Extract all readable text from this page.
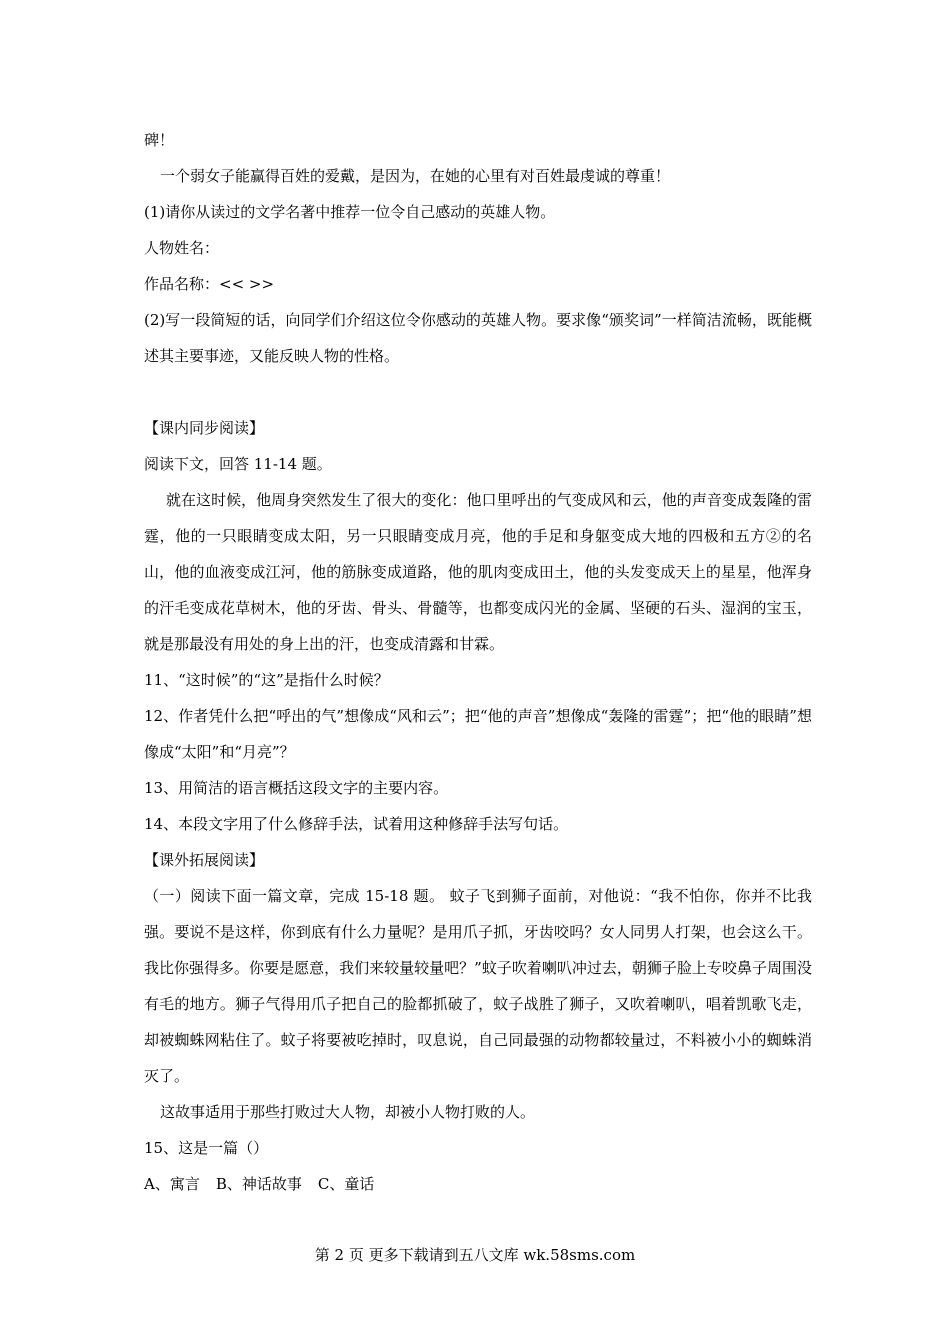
碑！

一个弱女子能赢得百姓的爱戴，是因为，在她的心里有对百姓最虔诚的尊重！

(1)请你从读过的文学名著中推荐一位令自己感动的英雄人物。

人物姓名：

作品名称：<< >>

(2)写一段简短的话，向同学们介绍这位令你感动的英雄人物。要求像“颁奖词”一样简洁流畅，既能概述其主要事迹，又能反映人物的性格。

【课内同步阅读】

阅读下文，回答 11-14 题。

就在这时候，他周身突然发生了很大的变化：他口里呼出的气变成风和云，他的声音变成轰隆的雷霆，他的一只眼睛变成太阳，另一只眼睛变成月亮，他的手足和身躯变成大地的四极和五方②的名山，他的血液变成江河，他的筋脉变成道路，他的肌肉变成田土，他的头发变成天上的星星，他浑身的汗毛变成花草树木，他的牙齿、骨头、骨髓等，也都变成闪光的金属、坚硬的石头、湿润的宝玉，就是那最没有用处的身上出的汗，也变成清露和甘霖。

11、“这时候”的“这”是指什么时候？

12、作者凭什么把“呼出的气”想像成“风和云”；把“他的声音”想像成“轰隆的雷霆”；把“他的眼睛”想像成“太阳”和“月亮”？

13、用简洁的语言概括这段文字的主要内容。

14、本段文字用了什么修辞手法，试着用这种修辞手法写句话。

【课外拓展阅读】

（一）阅读下面一篇文章，完成 15-18 题。 蚊子飞到狮子面前，对他说：“我不怕你，你并不比我强。要说不是这样，你到底有什么力量呢？是用爪子抓，牙齿咬吗？女人同男人打架，也会这么干。我比你强得多。你要是愿意，我们来较量较量吧？”蚊子吹着喇叭冲过去，朝狮子脸上专咬鼻子周围没有毛的地方。狮子气得用爪子把自己的脸都抓破了，蚊子战胜了狮子，又吹着喇叭，唱着凯歌飞走，却被蜘蛛网粘住了。蚊子将要被吃掉时，叹息说，自己同最强的动物都较量过，不料被小小的蜘蛛消灭了。

这故事适用于那些打败过大人物，却被小人物打败的人。

15、这是一篇（）

A、寓言 B、神话故事 C、童话

第 2 页 更多下载请到五八文库 wk.58sms.com
